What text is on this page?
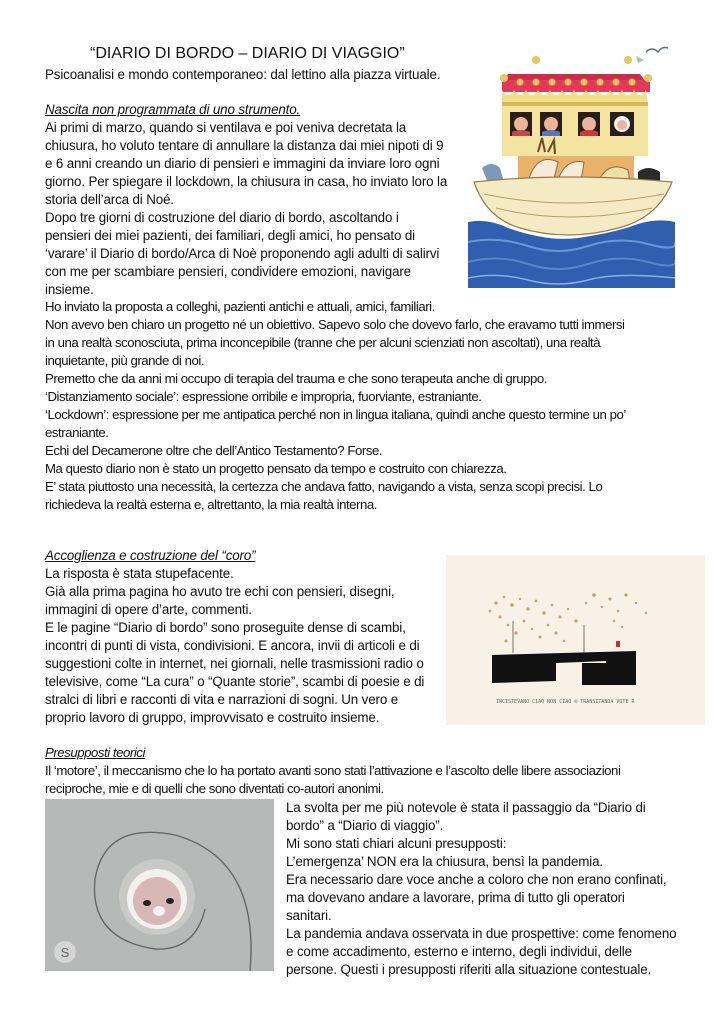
“DIARIO DI BORDO – DIARIO DI VIAGGIO”
Psicoanalisi e mondo contemporaneo: dal lettino alla piazza virtuale.
Nascita non programmata di uno strumento.
Ai primi di marzo, quando si ventilava e poi veniva decretata la
chiusura, ho voluto tentare di annullare la distanza dai miei nipoti di 9
e 6 anni creando un diario di pensieri e immagini da inviare loro ogni
giorno. Per spiegare il lockdown, la chiusura in casa, ho inviato loro la
storia dell’arca di Noé.
Dopo tre giorni di costruzione del diario di bordo, ascoltando i
pensieri dei miei pazienti, dei familiari, degli amici, ho pensato di
‘varare’ il Diario di bordo/Arca di Noè proponendo agli adulti di salirvi
con me per scambiare pensieri, condividere emozioni, navigare
insieme.
Ho inviato la proposta a colleghi, pazienti antichi e attuali, amici, familiari.
Non avevo ben chiaro un progetto né un obiettivo. Sapevo solo che dovevo farlo, che eravamo tutti immersi
in una realtà sconosciuta, prima inconcepibile (tranne che per alcuni scienziati non ascoltati), una realtà
inquietante, più grande di noi.
Premetto che da anni mi occupo di terapia del trauma e che sono terapeuta anche di gruppo.
‘Distanziamento sociale’: espressione orribile e impropria, fuorviante, estraniante.
‘Lockdown’: espressione per me antipatica perché non in lingua italiana, quindi anche questo termine un po’
estraniante.
Echi del Decamerone oltre che dell’Antico Testamento? Forse.
Ma questo diario non è stato un progetto pensato da tempo e costruito con chiarezza.
E’ stata piuttosto una necessità, la certezza che andava fatto, navigando a vista, senza scopi precisi. Lo
richiedeva la realtà esterna e, altrettanto, la mia realtà interna.
Accoglienza e costruzione del “coro”
La risposta è stata stupefacente.
Già alla prima pagina ho avuto tre echi con pensieri, disegni,
immagini di opere d’arte, commenti.
E le pagine “Diario di bordo” sono proseguite dense di scambi,
incontri di punti di vista, condivisioni. E ancora, invii di articoli e di
suggestioni colte in internet, nei giornali, nelle trasmissioni radio o
televisive, come “La cura” o “Quante storie”, scambi di poesie e di
stralci di libri e racconti di vita e narrazioni di sogni. Un vero e
proprio lavoro di gruppo, improvvisato e costruito insieme.
INCISTEVANO CIAO NON CIAO ® TRANSITANDA VOTE R
Presupposti teorici
Il ‘motore’, il meccanismo che lo ha portato avanti sono stati l’attivazione e l’ascolto delle libere associazioni
reciproche, mie e di quelli che sono diventati co-autori anonimi.
S
La svolta per me più notevole è stata il passaggio da “Diario di
bordo” a “Diario di viaggio”.
Mi sono stati chiari alcuni presupposti:
L’emergenza’ NON era la chiusura, bensì la pandemia.
Era necessario dare voce anche a coloro che non erano confinati,
ma dovevano andare a lavorare, prima di tutto gli operatori
sanitari.
La pandemia andava osservata in due prospettive: come fenomeno
e come accadimento, esterno e interno, degli individui, delle
persone. Questi i presupposti riferiti alla situazione contestuale.
